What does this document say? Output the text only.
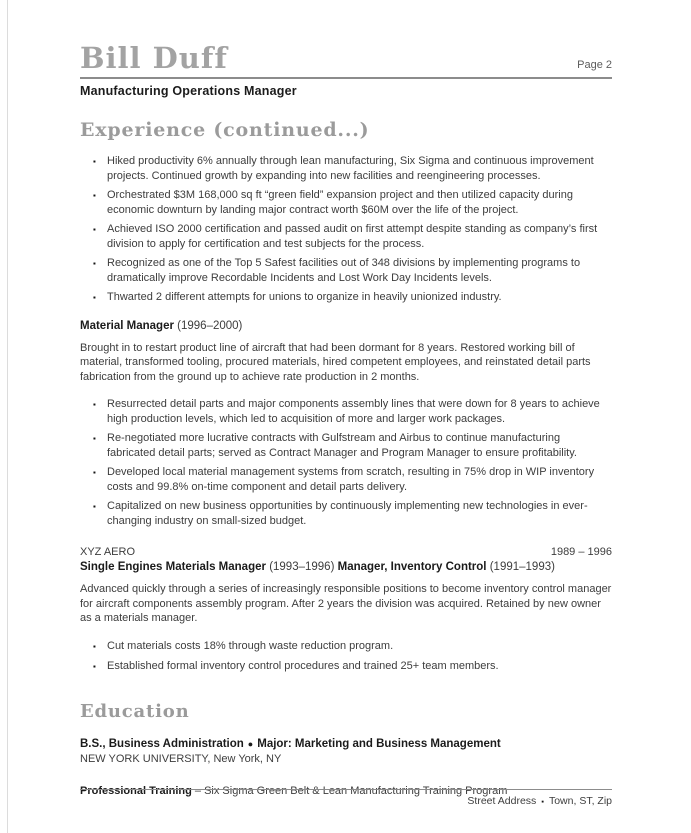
Bill Duff	Page 2
Manufacturing Operations Manager
Experience (continued...)
▪	Hiked productivity 6% annually through lean manufacturing, Six Sigma and continuous improvement projects. Continued growth by expanding into new facilities and reengineering processes.
▪	Orchestrated $3M 168,000 sq ft “green field” expansion project and then utilized capacity during economic downturn by landing major contract worth $60M over the life of the project.
▪	Achieved ISO 2000 certification and passed audit on first attempt despite standing as company’s first division to apply for certification and test subjects for the process.
▪	Recognized as one of the Top 5 Safest facilities out of 348 divisions by implementing programs to dramatically improve Recordable Incidents and Lost Work Day Incidents levels.
▪	Thwarted 2 different attempts for unions to organize in heavily unionized industry.
Material Manager (1996–2000)
Brought in to restart product line of aircraft that had been dormant for 8 years. Restored working bill of material, transformed tooling, procured materials, hired competent employees, and reinstated detail parts fabrication from the ground up to achieve rate production in 2 months.
▪	Resurrected detail parts and major components assembly lines that were down for 8 years to achieve high production levels, which led to acquisition of more and larger work packages.
▪	Re-negotiated more lucrative contracts with Gulfstream and Airbus to continue manufacturing fabricated detail parts; served as Contract Manager and Program Manager to ensure profitability.
▪	Developed local material management systems from scratch, resulting in 75% drop in WIP inventory costs and 99.8% on-time component and detail parts delivery.
▪	Capitalized on new business opportunities by continuously implementing new technologies in ever-changing industry on small-sized budget.
XYZ AERO	1989 – 1996
Single Engines Materials Manager (1993–1996) Manager, Inventory Control (1991–1993)
Advanced quickly through a series of increasingly responsible positions to become inventory control manager for aircraft components assembly program. After 2 years the division was acquired. Retained by new owner as a materials manager.
▪	Cut materials costs 18% through waste reduction program.
▪	Established formal inventory control procedures and trained 25+ team members.
Education
B.S., Business Administration ● Major: Marketing and Business Management
NEW YORK UNIVERSITY, New York, NY
Professional Training – Six Sigma Green Belt & Lean Manufacturing Training Program
Street Address ▪ Town, ST, Zip
